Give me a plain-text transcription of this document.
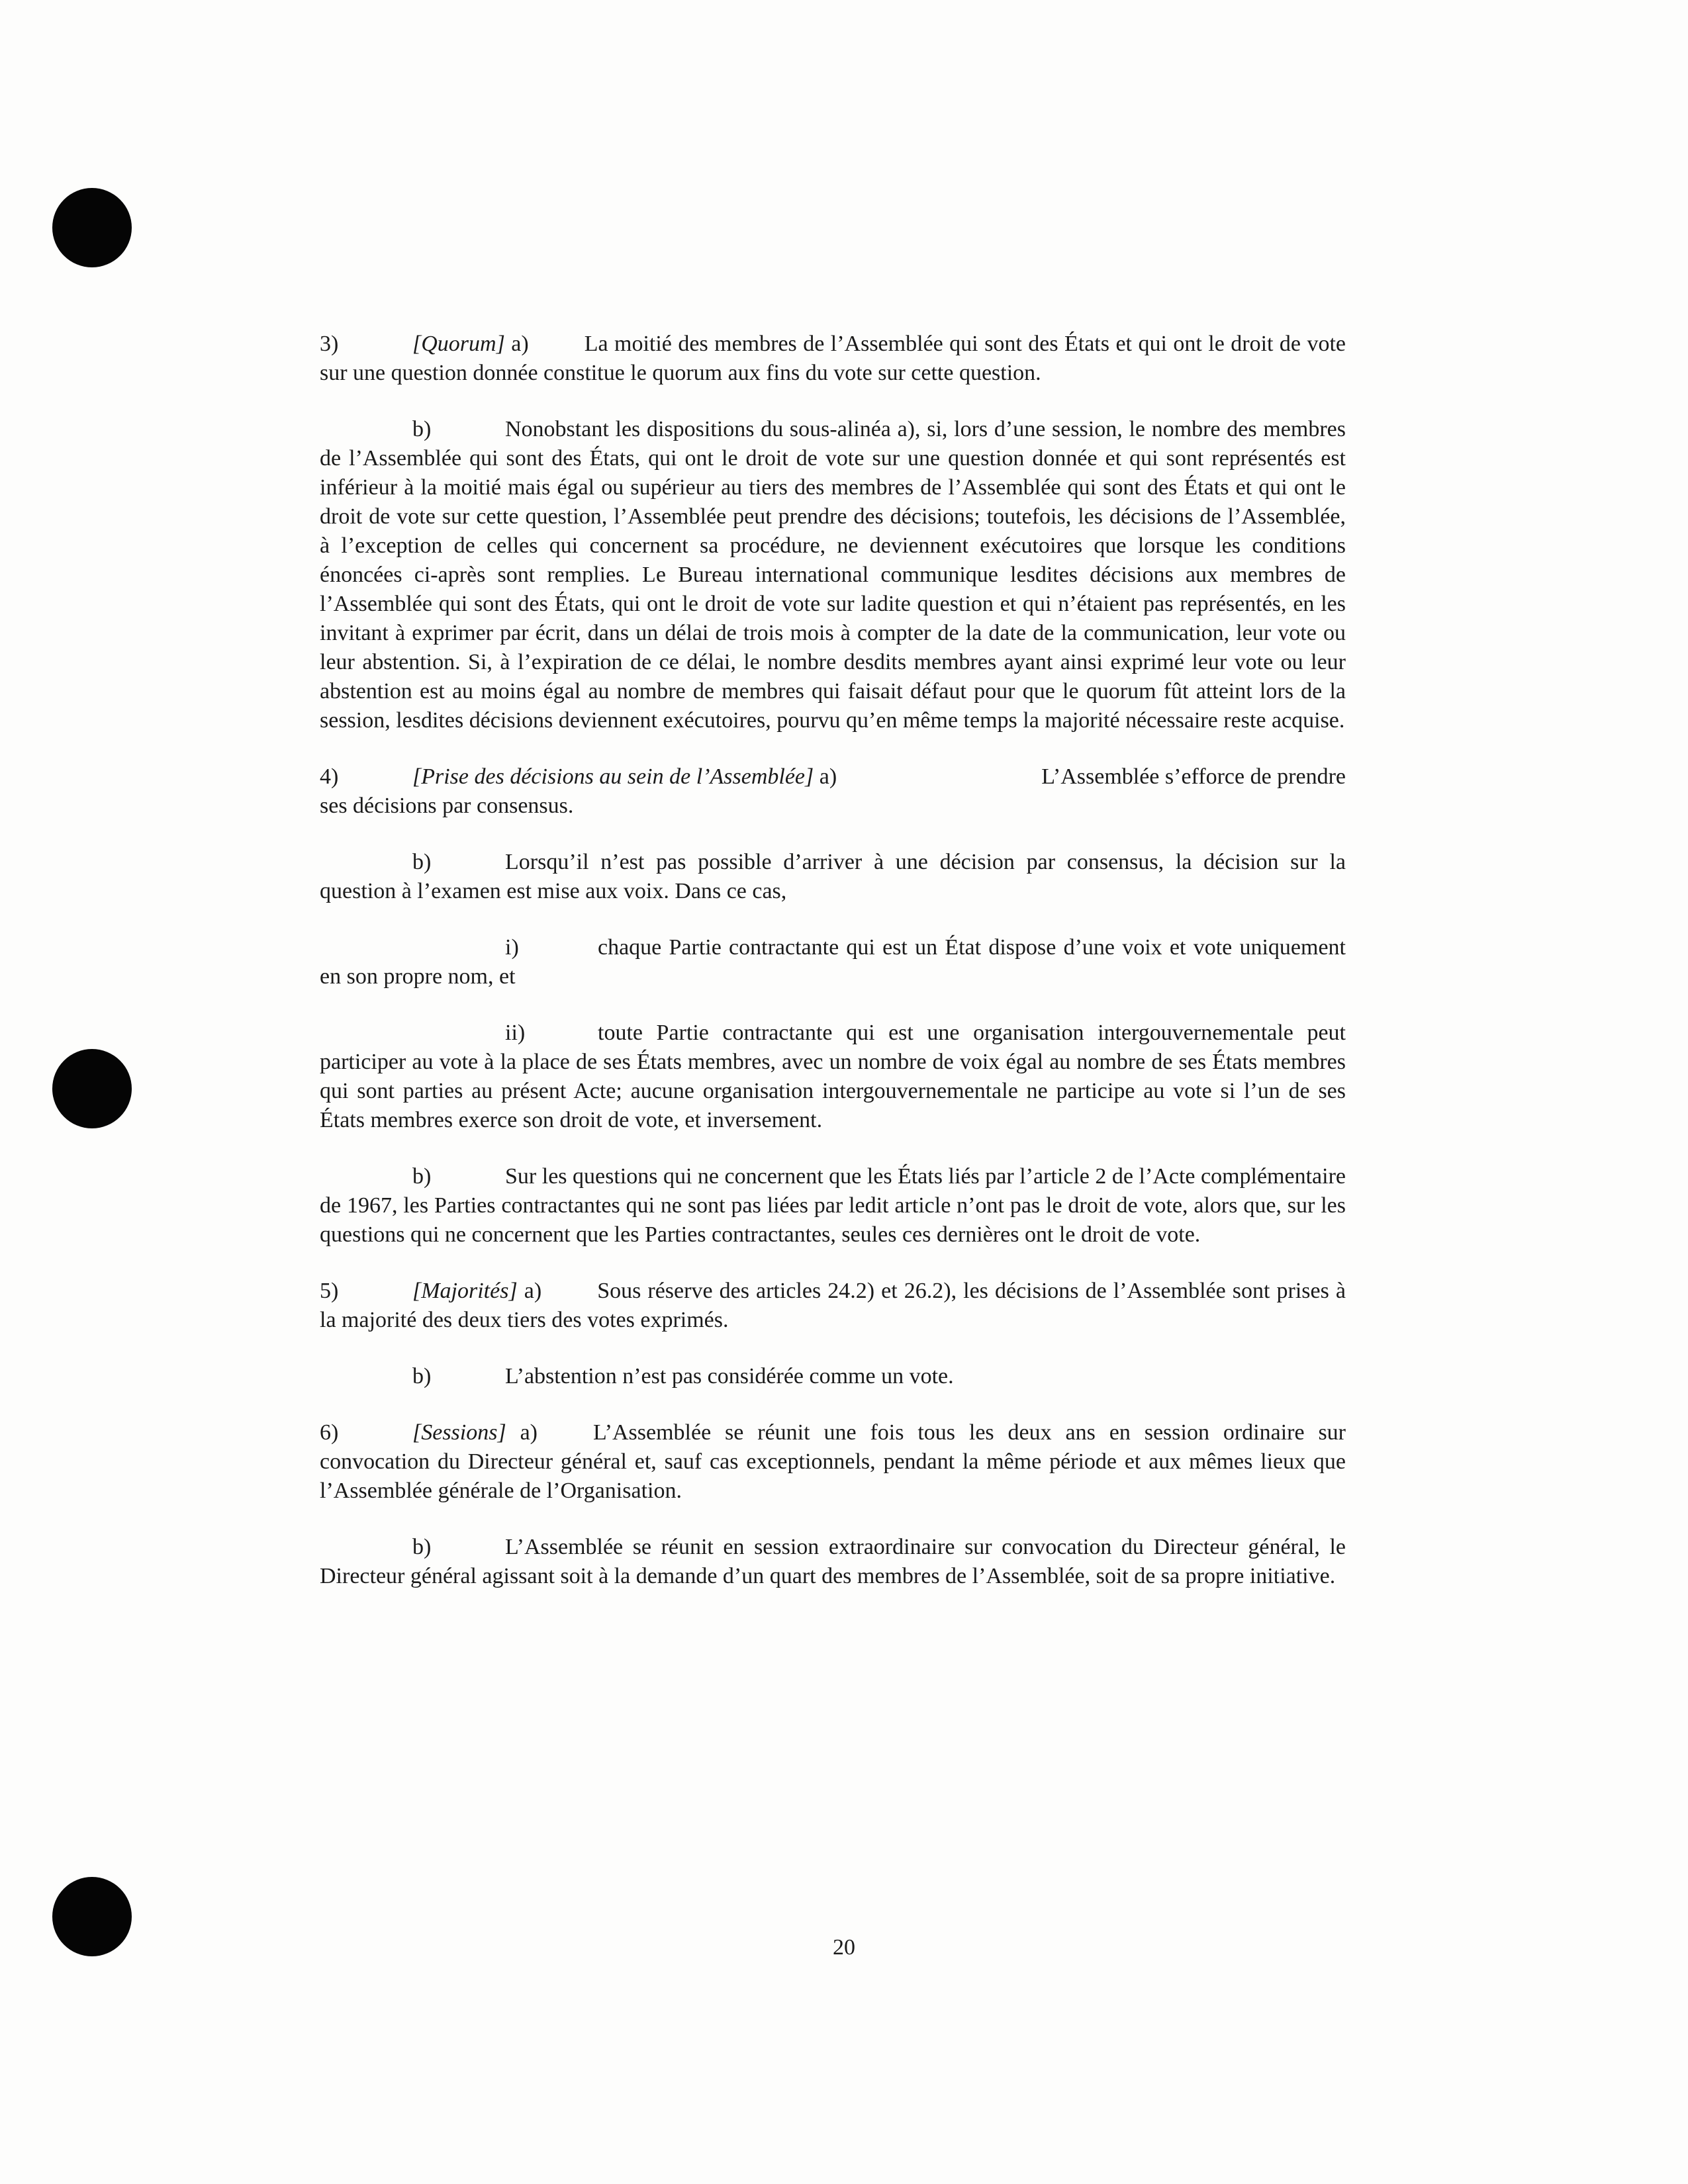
3)	[Quorum] a) La moitié des membres de l’Assemblée qui sont des États et qui ont le droit de vote sur une question donnée constitue le quorum aux fins du vote sur cette question.

b)	Nonobstant les dispositions du sous-alinéa a), si, lors d’une session, le nombre des membres de l’Assemblée qui sont des États, qui ont le droit de vote sur une question donnée et qui sont représentés est inférieur à la moitié mais égal ou supérieur au tiers des membres de l’Assemblée qui sont des États et qui ont le droit de vote sur cette question, l’Assemblée peut prendre des décisions; toutefois, les décisions de l’Assemblée, à l’exception de celles qui concernent sa procédure, ne deviennent exécutoires que lorsque les conditions énoncées ci-après sont remplies. Le Bureau international communique lesdites décisions aux membres de l’Assemblée qui sont des États, qui ont le droit de vote sur ladite question et qui n’étaient pas représentés, en les invitant à exprimer par écrit, dans un délai de trois mois à compter de la date de la communication, leur vote ou leur abstention. Si, à l’expiration de ce délai, le nombre desdits membres ayant ainsi exprimé leur vote ou leur abstention est au moins égal au nombre de membres qui faisait défaut pour que le quorum fût atteint lors de la session, lesdites décisions deviennent exécutoires, pourvu qu’en même temps la majorité nécessaire reste acquise.

4)	[Prise des décisions au sein de l’Assemblée] a)	L’Assemblée s’efforce de prendre

ses décisions par consensus.

b)	Lorsqu’il n’est pas possible d’arriver à une décision par consensus, la décision sur la question à l’examen est mise aux voix. Dans ce cas,

i)	chaque Partie contractante qui est un État dispose d’une voix et vote uniquement en son propre nom, et

ii)	toute Partie contractante qui est une organisation intergouvernementale peut participer au vote à la place de ses États membres, avec un nombre de voix égal au nombre de ses États membres qui sont parties au présent Acte; aucune organisation intergouvernementale ne participe au vote si l’un de ses États membres exerce son droit de vote, et inversement.

b)	Sur les questions qui ne concernent que les États liés par l’article 2 de l’Acte complémentaire de 1967, les Parties contractantes qui ne sont pas liées par ledit article n’ont pas le droit de vote, alors que, sur les questions qui ne concernent que les Parties contractantes, seules ces dernières ont le droit de vote.

5)	[Majorités] a) Sous réserve des articles 24.2) et 26.2), les décisions de l’Assemblée sont prises à la majorité des deux tiers des votes exprimés.

b)	L’abstention n’est pas considérée comme un vote.

6)	[Sessions] a) L’Assemblée se réunit une fois tous les deux ans en session ordinaire sur convocation du Directeur général et, sauf cas exceptionnels, pendant la même période et aux mêmes lieux que l’Assemblée générale de l’Organisation.

b)	L’Assemblée se réunit en session extraordinaire sur convocation du Directeur général, le Directeur général agissant soit à la demande d’un quart des membres de l’Assemblée, soit de sa propre initiative.

20
